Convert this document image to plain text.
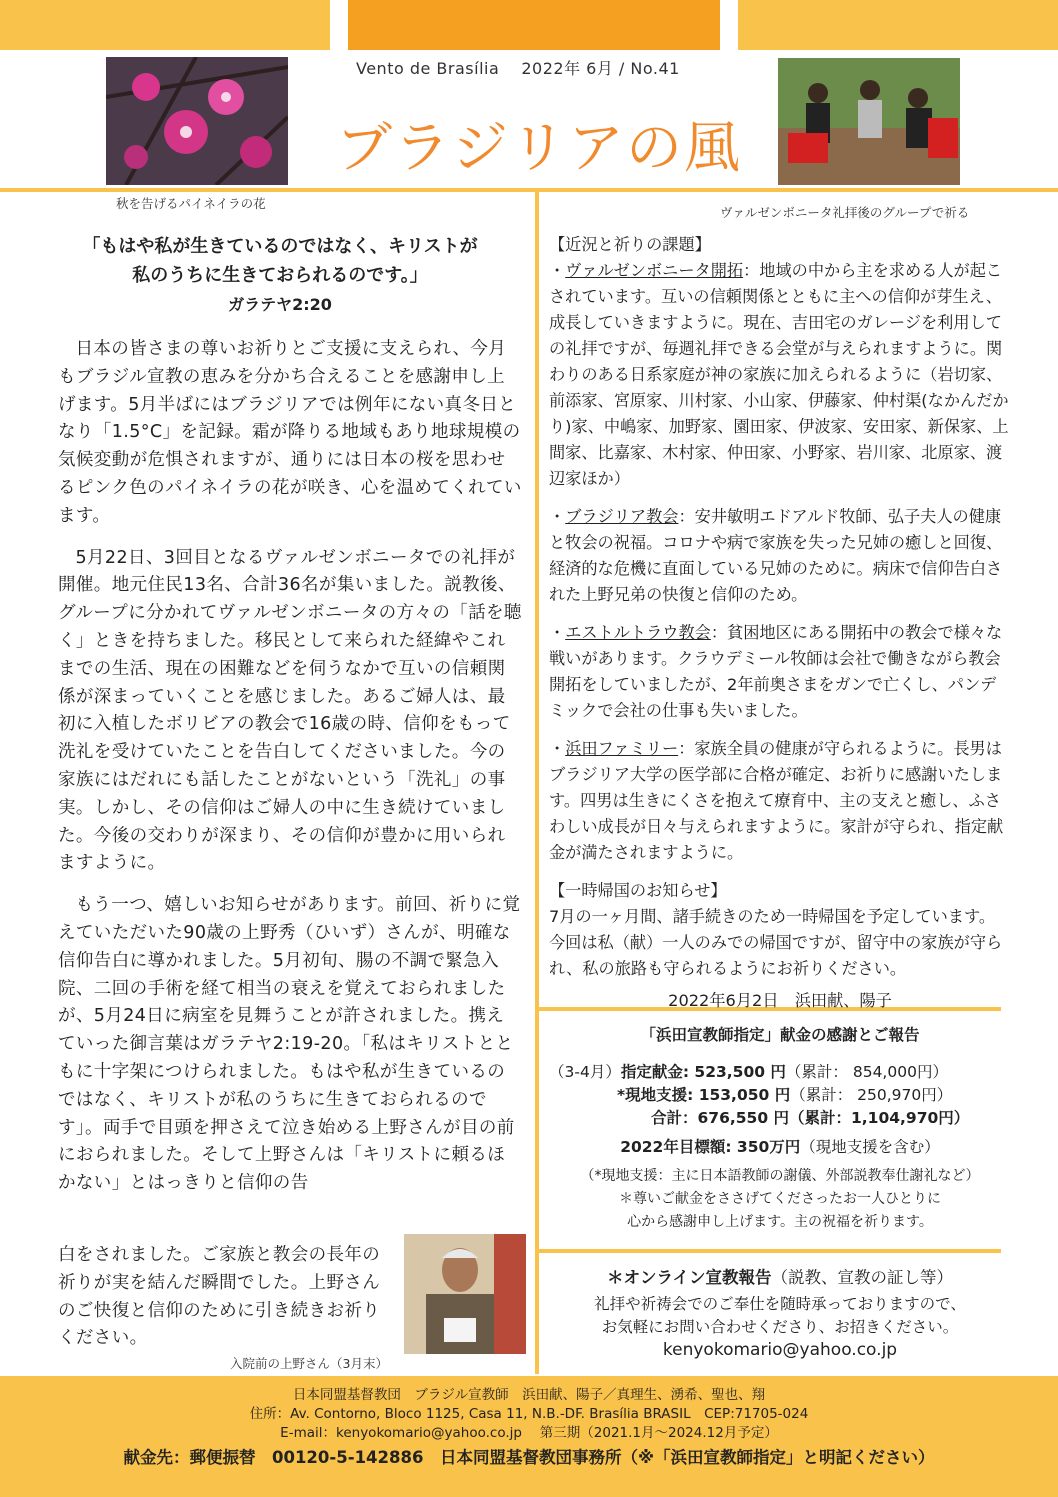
Vento de Brasília　 2022年 6月 / No.41
ブラジリアの風
秋を告げるパイネイラの花
ヴァルゼンボニータ礼拝後のグループで祈る
「もはや私が生きているのではなく、キリストが
私のうちに生きておられるのです。」
ガラテヤ2:20

日本の皆さまの尊いお祈りとご支援に支えられ、今月もブラジル宣教の恵みを分かち合えることを感謝申し上げます。5月半ばにはブラジリアでは例年にない真冬日となり「1.5°C」を記録。霜が降りる地域もあり地球規模の気候変動が危惧されますが、通りには日本の桜を思わせるピンク色のパイネイラの花が咲き、心を温めてくれています。

5月22日、3回目となるヴァルゼンボニータでの礼拝が開催。地元住民13名、合計36名が集いました。説教後、グループに分かれてヴァルゼンボニータの方々の「話を聴く」ときを持ちました。移民として来られた経緯やこれまでの生活、現在の困難などを伺うなかで互いの信頼関係が深まっていくことを感じました。あるご婦人は、最初に入植したボリビアの教会で16歳の時、信仰をもって洗礼を受けていたことを告白してくださいました。今の家族にはだれにも話したことがないという「洗礼」の事実。しかし、その信仰はご婦人の中に生き続けていました。今後の交わりが深まり、その信仰が豊かに用いられますように。

もう一つ、嬉しいお知らせがあります。前回、祈りに覚えていただいた90歳の上野秀（ひいず）さんが、明確な信仰告白に導かれました。5月初旬、腸の不調で緊急入院、二回の手術を経て相当の衰えを覚えておられましたが、5月24日に病室を見舞うことが許されました。携えていった御言葉はガラテヤ2:19-20。「私はキリストとともに十字架につけられました。もはや私が生きているのではなく、キリストが私のうちに生きておられるのです」。両手で目頭を押さえて泣き始める上野さんが目の前におられました。そして上野さんは「キリストに頼るほかない」とはっきりと信仰の告

白をされました。ご家族と教会の長年の祈りが実を結んだ瞬間でした。上野さんのご快復と信仰のために引き続きお祈りください。
入院前の上野さん（3月末）
【近況と祈りの課題】
・ヴァルゼンボニータ開拓：地域の中から主を求める人が起こされています。互いの信頼関係とともに主への信仰が芽生え、成長していきますように。現在、吉田宅のガレージを利用しての礼拝ですが、毎週礼拝できる会堂が与えられますように。関わりのある日系家庭が神の家族に加えられるように（岩切家、前添家、宮原家、川村家、小山家、伊藤家、仲村渠(なかんだかり)家、中嶋家、加野家、園田家、伊波家、安田家、新保家、上間家、比嘉家、木村家、仲田家、小野家、岩川家、北原家、渡辺家ほか）
・ブラジリア教会：安井敏明エドアルド牧師、弘子夫人の健康と牧会の祝福。コロナや病で家族を失った兄姉の癒しと回復、経済的な危機に直面している兄姉のために。病床で信仰告白された上野兄弟の快復と信仰のため。
・エストルトラウ教会：貧困地区にある開拓中の教会で様々な戦いがあります。クラウデミール牧師は会社で働きながら教会開拓をしていましたが、2年前奥さまをガンで亡くし、パンデミックで会社の仕事も失いました。
・浜田ファミリー：家族全員の健康が守られるように。長男はブラジリア大学の医学部に合格が確定、お祈りに感謝いたします。四男は生きにくさを抱えて療育中、主の支えと癒し、ふさわしい成長が日々与えられますように。家計が守られ、指定献金が満たされますように。
【一時帰国のお知らせ】
7月の一ヶ月間、諸手続きのため一時帰国を予定しています。今回は私（献）一人のみでの帰国ですが、留守中の家族が守られ、私の旅路も守られるようにお祈りください。
2022年6月2日　浜田献、陽子
「浜田宣教師指定」献金の感謝とご報告
（3-4月）指定献金: 523,500 円（累計： 854,000円）
*現地支援: 153,050 円（累計： 250,970円）
合計：676,550 円（累計：1,104,970円）
2022年目標額: 350万円（現地支援を含む）
（*現地支援：主に日本語教師の謝儀、外部説教奉仕謝礼など）
＊尊いご献金をささげてくださったお一人ひとりに
心から感謝申し上げます。主の祝福を祈ります。
＊オンライン宣教報告（説教、宣教の証し等）
礼拝や祈祷会でのご奉仕を随時承っておりますので、
お気軽にお問い合わせくださり、お招きください。
kenyokomario@yahoo.co.jp
日本同盟基督教団　ブラジル宣教師　浜田献、陽子／真理生、湧希、聖也、翔
住所：Av. Contorno, Bloco 1125, Casa 11, N.B.-DF. Brasília BRASIL　CEP:71705-024
E-mail：kenyokomario@yahoo.co.jp　 第三期（2021.1月～2024.12月予定）
献金先：郵便振替　00120-5-142886　日本同盟基督教団事務所（※「浜田宣教師指定」と明記ください）
